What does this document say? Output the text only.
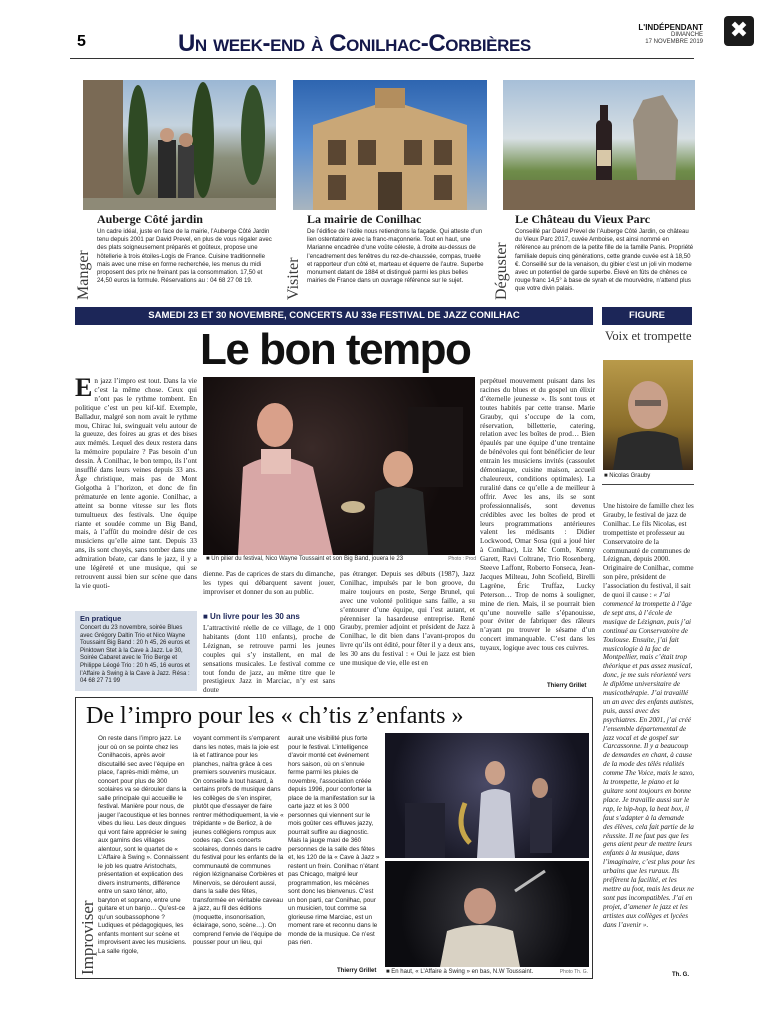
✖
5	Un week-end à Conilhac-Corbières
L'INDÉPENDANT
DIMANCHE
17 NOVEMBRE 2019
Manger
Auberge Côté jardin
Un cadre idéal, juste en face de la mairie, l’Auberge Côté Jardin tenu depuis 2001 par David Prevel, en plus de vous régaler avec des plats soigneusement préparés et goûteux, propose une hôtellerie à trois étoiles-Logis de France. Cuisine traditionnelle mais avec une mise en forme recherchée, les menus du midi proposent des prix ne freinant pas la consommation. 17,50 et 24,50 euros la formule. Réservations au : 04 68 27 08 19.	Visiter
La mairie de Conilhac
De l’édifice de l’édile nous retiendrons la façade. Qui atteste d’un lien ostentatoire avec la franc-maçonnerie. Tout en haut, une Marianne encadrée d’une voûte céleste, à droite au-dessus de l’encadrement des fenêtres du rez-de-chaussée, compas, truelle et rapporteur d’un côté et, marteau et équerre de l’autre. Superbe monument datant de 1884 et distingué parmi les plus belles mairies de France dans un ouvrage référence sur le sujet.	Déguster
Le Château du Vieux Parc
Conseillé par David Prevel de l’Auberge Côté Jardin, ce château du Vieux Parc 2017, cuvée Amboise, est ainsi nommé en référence au prénom de la petite fille de la famille Panis. Propriété familiale depuis cinq générations, cette grande cuvée est à 18,50 €. Conseillé sur de la venaison, du gibier c’est un joli vin moderne avec un potentiel de garde superbe. Élevé en fûts de chênes ce rouge franc 14,5° à base de syrah et de mourvèdre, n’attend plus que votre divin palais.
SAMEDI 23 ET 30 NOVEMBRE, CONCERTS AU 33e FESTIVAL DE JAZZ CONILHAC	FIGURE
Le bon tempo
En jazz l’impro est tout. Dans la vie c’est la même chose. Ceux qui n’ont pas le rythme tombent. En politique c’est un peu kif-kif. Exemple, Balladur, malgré son nom avait le rythme mou, Chirac lui, swinguait velu autour de la gueuze, des foires au gras et des bises aux mémés. Lequel des deux restera dans la mémoire populaire ? Pas besoin d’un dessin. À Conilhac, le bon tempo, ils l’ont insufflé dans leurs veines depuis 33 ans. Âge christique, mais pas de Mont Golgotha à l’horizon, et donc de fin prématurée en lente agonie. Conilhac, a atteint sa bonne vitesse sur les flots tumultueux des festivals. Une équipe riante et soudée comme un Big Band, mais, à l’affût du moindre désir de ces musiciens qu’elle aime tant. Depuis 33 ans, ils sont choyés, sans tomber dans une admiration béate, car dans le jazz, il y a une légèreté et une musique, qui se retrouvent aussi bien sur scène que dans la vie quoti-
■ Un pilier du festival, Nico Wayne Toussaint et son Big Band, jouera le 23	Photo : Prod
dienne. Pas de caprices de stars du dimanche, les types qui débarquent savent jouer, improviser et donner du son au public.
■ Un livre pour les 30 ans
L’attractivité réelle de ce village, de 1 000 habitants (dont 110 enfants), proche de Lézignan, se retrouve parmi les jeunes couples qui s’y installent, en mal de sensations musicales. Le festival comme ce tout fondu de jazz, au même titre que le prestigieux Jazz in Marciac, n’y est sans doute
pas étranger. Depuis ses débuts (1987), Jazz Conilhac, impulsés par le bon groove, du maire toujours en poste, Serge Brunel, qui avec une volonté politique sans faille, a su s’entourer d’une équipe, qui l’est autant, et pérenniser la hasardeuse entreprise. René Grauby, premier adjoint et président de Jazz à Conilhac, le dit bien dans l’avant-propos du livre qu’ils ont édité, pour fêter il y a deux ans, les 30 ans du festival : « Oui le jazz est bien une musique de vie, elle est en
perpétuel mouvement puisant dans les racines du blues et du gospel un élixir d’éternelle jeunesse ». Ils sont tous et toutes habités par cette transe. Marie Grauby, qui s’occupe de la com, réservation, billetterie, catering, relation avec les boîtes de prod… Bien épaulés par une équipe d’une trentaine de bénévoles qui font bénéficier de leur entrain les musiciens invités (cassoulet démoniaque, cuisine maison, accueil chaleureux, conditions optimales). La ruralité dans ce qu’elle a de meilleur à offrir. Avec les ans, ils se sont professionnalisés, sont devenus crédibles avec les boîtes de prod et leurs programmations antérieures valent les médisants : Didier Lockwood, Omar Sosa (qui a joué hier à Conilhac), Liz Mc Comb, Kenny Garett, Ravi Coltrane, Trio Rosenberg, Steeve Laffont, Roberto Fonseca, Jean-Jacques Milteau, John Scofield, Birelli Lagrène, Éric Truffaz, Lucky Peterson… Trop de noms à souligner, mine de rien. Mais, il se pourrait bien qu’une nouvelle salle s’épanouisse, pour éviter de fabriquer des râleurs n’ayant pu trouver le sésame d’un concert immanquable. C’est dans les tuyaux, logique avec tous ces cuivres.
Thierry Grillet
En pratique
Concert du 23 novembre, soirée Blues avec Grégory Daltin Trio et Nico Wayne Toussaint Big Band : 20 h 45, 26 euros et Pinktown Stet à la Cave à Jazz. Le 30, Soirée Cabaret avec le Trio Berge et Philippe Léogé Trio : 20 h 45, 16 euros et l’Affaire à Swing à la Cave à Jazz. Résa : 04 68 27 71 99
Voix et trompette
■ Nicolas Grauby
Une histoire de famille chez les Grauby, le festival de jazz de Conilhac. Le fils Nicolas, est trompettiste et professeur au Conservatoire de la communauté de communes de Lézignan, depuis 2000. Originaire de Conilhac, comme son père, président de l’association du festival, il sait de quoi il cause : « J’ai commencé la trompette à l’âge de sept ans, à l’école de musique de Lézignan, puis j’ai continué au Conservatoire de Toulouse. Ensuite, j’ai fait musicologie à la fac de Montpellier, mais c’était trop théorique et pas assez musical, donc, je me suis réorienté vers le diplôme universitaire de musicothérapie. J’ai travaillé un an avec des enfants autistes, puis, aussi avec des psychiatres. En 2001, j’ai créé l’ensemble départemental de jazz vocal et de gospel sur Carcassonne. Il y a beaucoup de demandes en chant, à cause de la mode des télés réalités comme The Voice, mais le saxo, la trompette, le piano et la guitare sont toujours en bonne place. Je travaille aussi sur le rap, le hip-hop, la beat box, il faut s’adapter à la demande des élèves, cela fait partie de la réussite. Il ne faut pas que les gens aient peur de mettre leurs enfants à la musique, dans l’imaginaire, c’est plus pour les urbains que les ruraux. Ils préfèrent la facilité, et les mettre au foot, mais les deux ne sont pas incompatibles. J’ai en projet, d’amener le jazz et les artistes aux collèges et lycées dans l’avenir ».
Th. G.
De l’impro pour les « ch’tis z’enfants »
Improviser
On reste dans l’impro jazz. Le jour où on se pointe chez les Conilhacois, après avoir discutaillé sec avec l’équipe en place, l’après-midi même, un concert pour plus de 300 scolaires va se dérouler dans la salle principale qui accueille le festival. Manière pour nous, de jauger l’acoustique et les bonnes vibes du lieu. Les deux dingues qui vont faire apprécier le swing aux gamins des villages alentour, sont le quartet de « L’Affaire à Swing ». Connaissent le job les quatre Aristochats, présentation et explication des divers instruments, différence entre un saxo ténor, alto, baryton et soprano, entre une guitare et un banjo… Qu’est-ce qu’un soubassophone ? Ludiques et pédagogiques, les enfants montent sur scène et improvisent avec les musiciens. La salle rigole,
voyant comment ils s’emparent dans les notes, mais la joie est là et l’attirance pour les planches, naîtra grâce à ces premiers souvenirs musicaux. On conseille à tout hasard, à certains profs de musique dans les collèges de s’en inspirer, plutôt que d’essayer de faire rentrer méthodiquement, la vie « trépidante » de Berlioz, à de jeunes collégiens rompus aux codes rap. Ces concerts scolaires, donnés dans le cadre du festival pour les enfants de la communauté de communes région lézignanaise Corbières et Minervois, se déroulent aussi, dans la salle des fêtes, transformée en véritable caveau à jazz, au fil des éditions (moquette, insonorisation, éclairage, sono, scène…). On comprend l’envie de l’équipe de pousser pour un lieu, qui
aurait une visibilité plus forte pour le festival. L’intelligence d’avoir monté cet événement hors saison, où on s’ennuie ferme parmi les pluies de novembre, l’association créée depuis 1996, pour conforter la place de la manifestation sur la carte jazz et les 3 000 personnes qui viennent sur le mois goûter ces effluves jazzy, pourrait suffire au diagnostic. Mais la jauge maxi de 360 personnes de la salle des fêtes et, les 120 de la « Cave à Jazz » restent un frein. Conilhac n’étant pas Chicago, malgré leur programmation, les mécènes sont donc les bienvenus. C’est un bon parti, car Conilhac, pour un musicien, tout comme sa glorieuse rime Marciac, est un moment rare et reconnu dans le monde de la musique. Ce n’est pas rien.
Thierry Grillet ■ En haut, « L’Affaire à Swing » en bas, N.W Toussaint.	Photo Th. G.
